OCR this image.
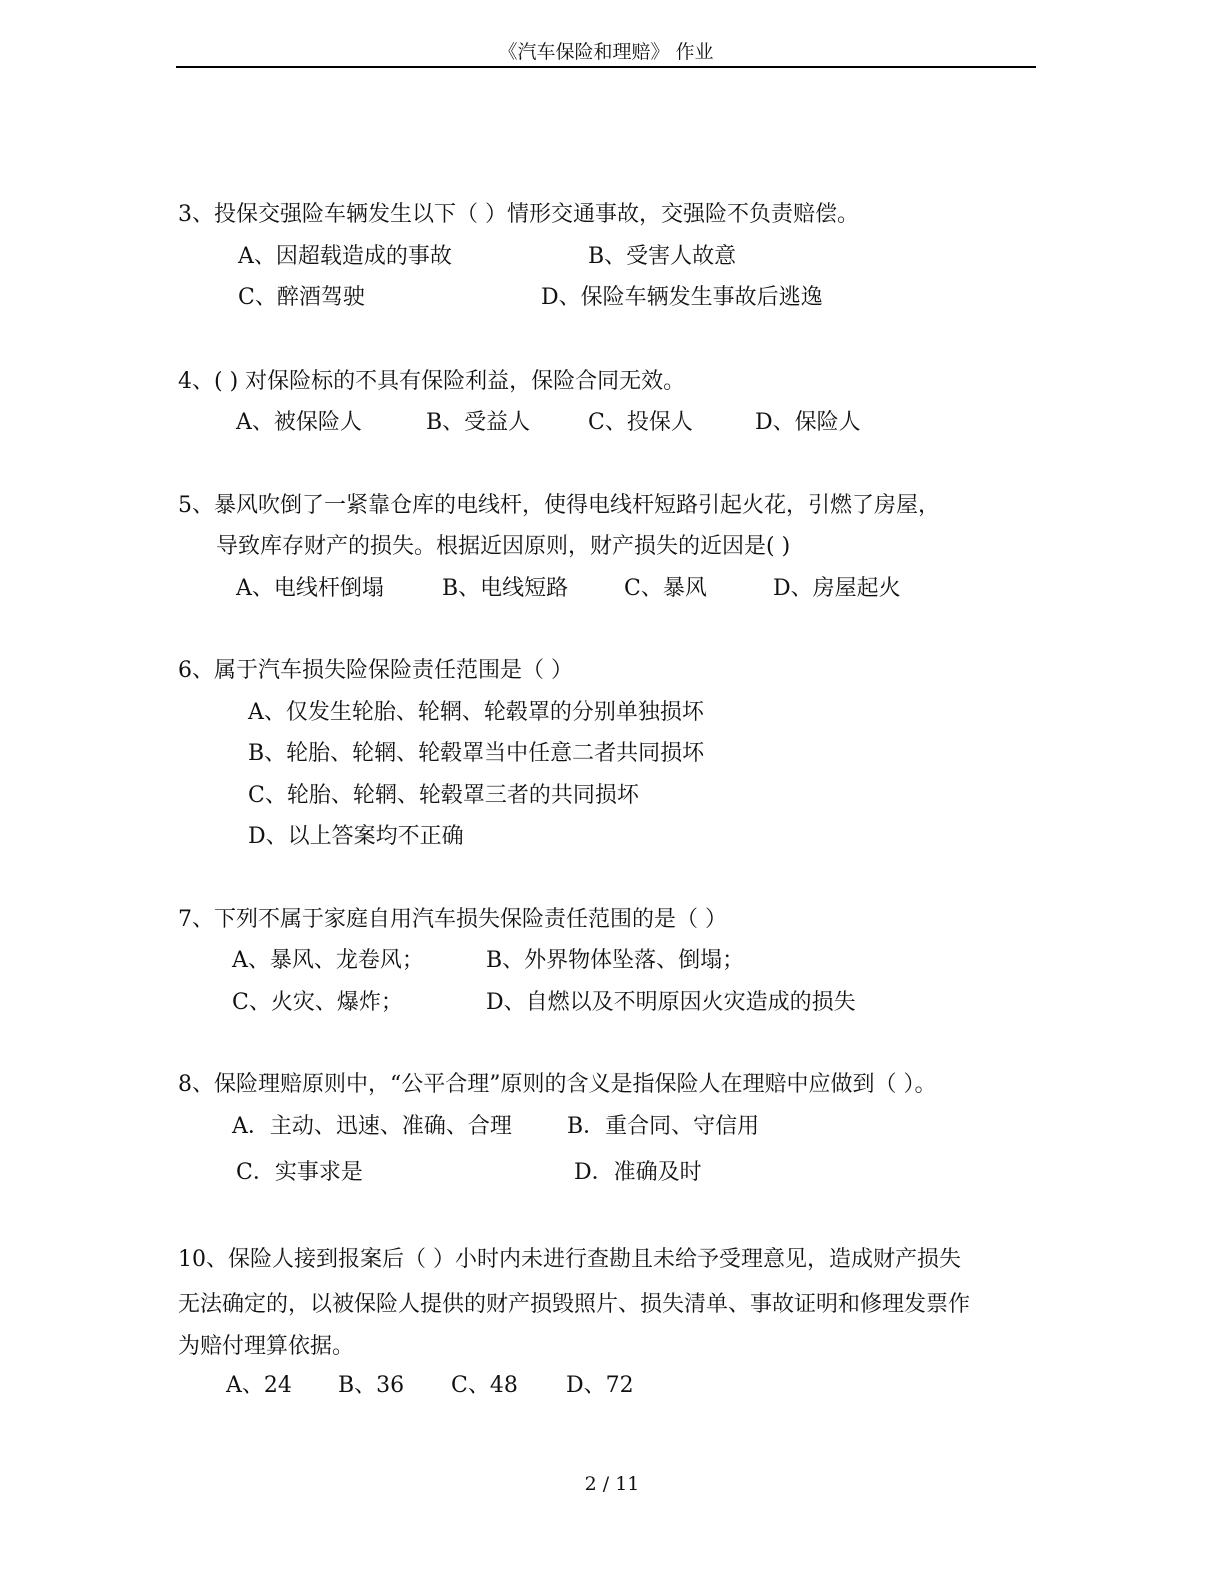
《汽车保险和理赔》 作业
3、投保交强险车辆发生以下（ ）情形交通事故，交强险不负责赔偿。
A、因超载造成的事故	B、受害人故意
C、醉酒驾驶	D、保险车辆发生事故后逃逸
4、( ) 对保险标的不具有保险利益，保险合同无效。
A、被保险人	B、受益人	C、投保人	D、保险人
5、暴风吹倒了一紧靠仓库的电线杆，使得电线杆短路引起火花，引燃了房屋，
导致库存财产的损失。根据近因原则，财产损失的近因是( )
A、电线杆倒塌	B、电线短路	C、暴风	D、房屋起火
6、属于汽车损失险保险责任范围是（ ）
A、仅发生轮胎、轮辋、轮毂罩的分别单独损坏
B、轮胎、轮辋、轮毂罩当中任意二者共同损坏
C、轮胎、轮辋、轮毂罩三者的共同损坏
D、以上答案均不正确
7、下列不属于家庭自用汽车损失保险责任范围的是（ ）
A、暴风、龙卷风；	B、外界物体坠落、倒塌；
C、火灾、爆炸；	D、自燃以及不明原因火灾造成的损失
8、保险理赔原则中，“公平合理”原则的含义是指保险人在理赔中应做到（ ）。
A．主动、迅速、准确、合理	B．重合同、守信用
C．实事求是	D．准确及时
10、保险人接到报案后（ ）小时内未进行查勘且未给予受理意见，造成财产损失
无法确定的，以被保险人提供的财产损毁照片、损失清单、事故证明和修理发票作
为赔付理算依据。
A、24 B、36 C、48 D、72
2 / 11
